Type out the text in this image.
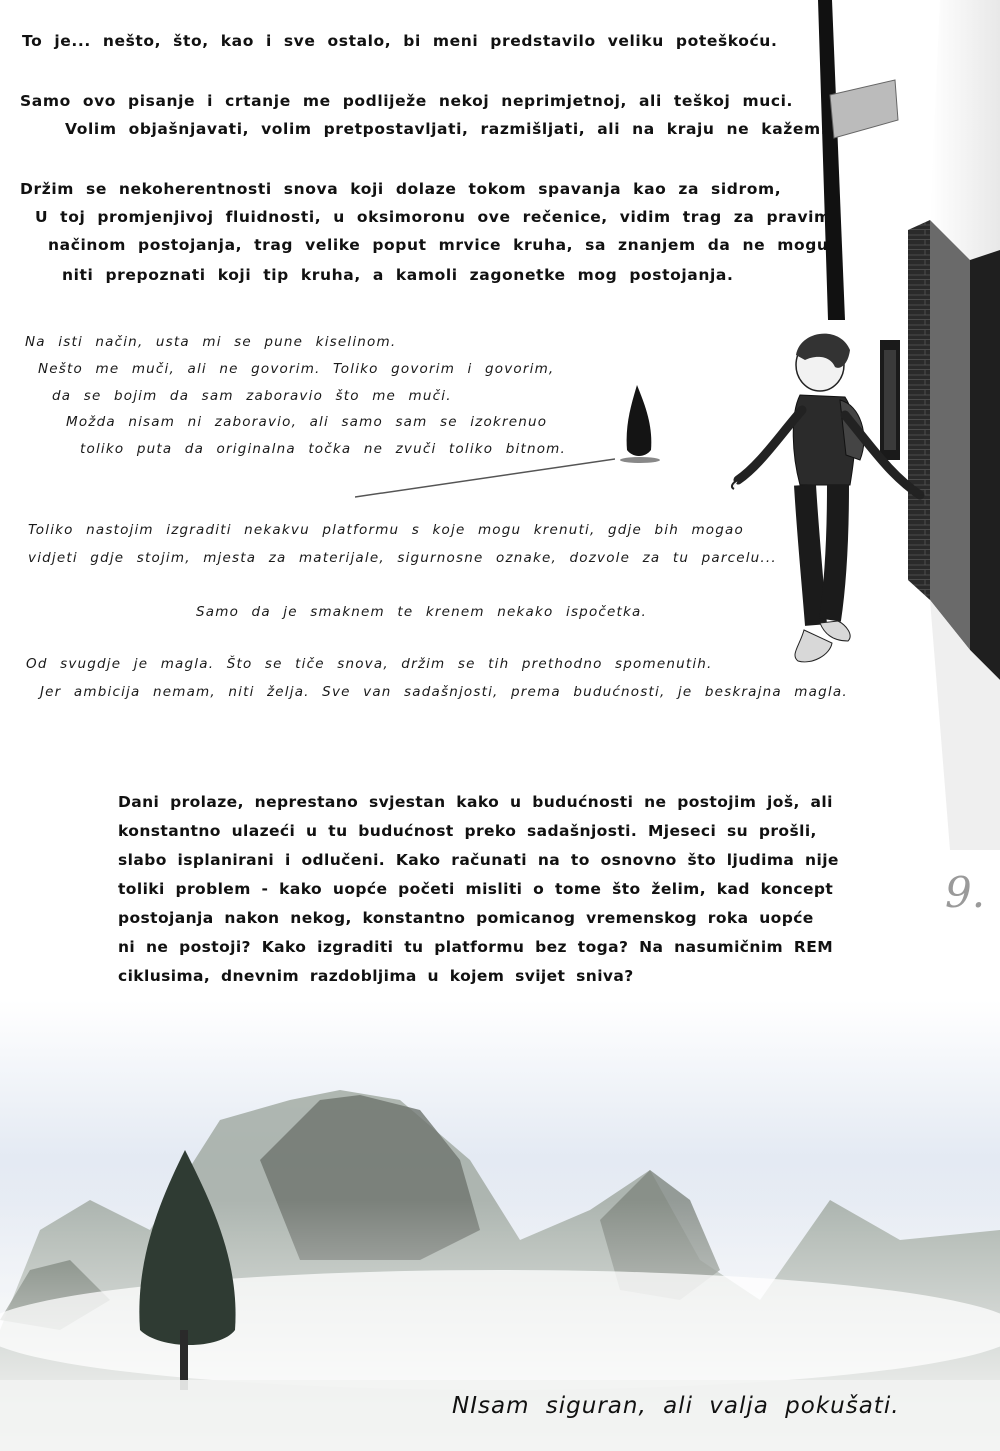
To je... nešto, što, kao i sve ostalo, bi meni predstavilo veliku poteškoću.
Samo ovo pisanje i crtanje me podliježe nekoj neprimjetnoj, ali teškoj muci.
Volim objašnjavati, volim pretpostavljati, razmišljati, ali na kraju ne kažem.
Držim se nekoherentnosti snova koji dolaze tokom spavanja kao za sidrom,
U toj promjenjivoj fluidnosti, u oksimoronu ove rečenice, vidim trag za pravim
načinom postojanja, trag velike poput mrvice kruha, sa znanjem da ne mogu
niti prepoznati koji tip kruha, a kamoli zagonetke mog postojanja.
Na isti način, usta mi se pune kiselinom.
Nešto me muči, ali ne govorim. Toliko govorim i govorim,
da se bojim da sam zaboravio što me muči.
Možda nisam ni zaboravio, ali samo sam se izokrenuo
toliko puta da originalna točka ne zvuči toliko bitnom.
Toliko nastojim izgraditi nekakvu platformu s koje mogu krenuti, gdje bih mogao
vidjeti gdje stojim, mjesta za materijale, sigurnosne oznake, dozvole za tu parcelu...
Samo da je smaknem te krenem nekako ispočetka.
Od svugdje je magla. Što se tiče snova, držim se tih prethodno spomenutih.
Jer ambicija nemam, niti želja. Sve van sadašnjosti, prema budućnosti, je beskrajna magla.
Dani prolaze, neprestano svjestan kako u budućnosti ne postojim još, ali
konstantno ulazeći u tu budućnost preko sadašnjosti. Mjeseci su prošli,
slabo isplanirani i odlučeni. Kako računati na to osnovno što ljudima nije
toliki problem - kako uopće početi misliti o tome što želim, kad koncept
postojanja nakon nekog, konstantno pomicanog vremenskog roka uopće
ni ne postoji? Kako izgraditi tu platformu bez toga? Na nasumičnim REM
ciklusima, dnevnim razdobljima u kojem svijet sniva?
9.
NIsam siguran, ali valja pokušati.
